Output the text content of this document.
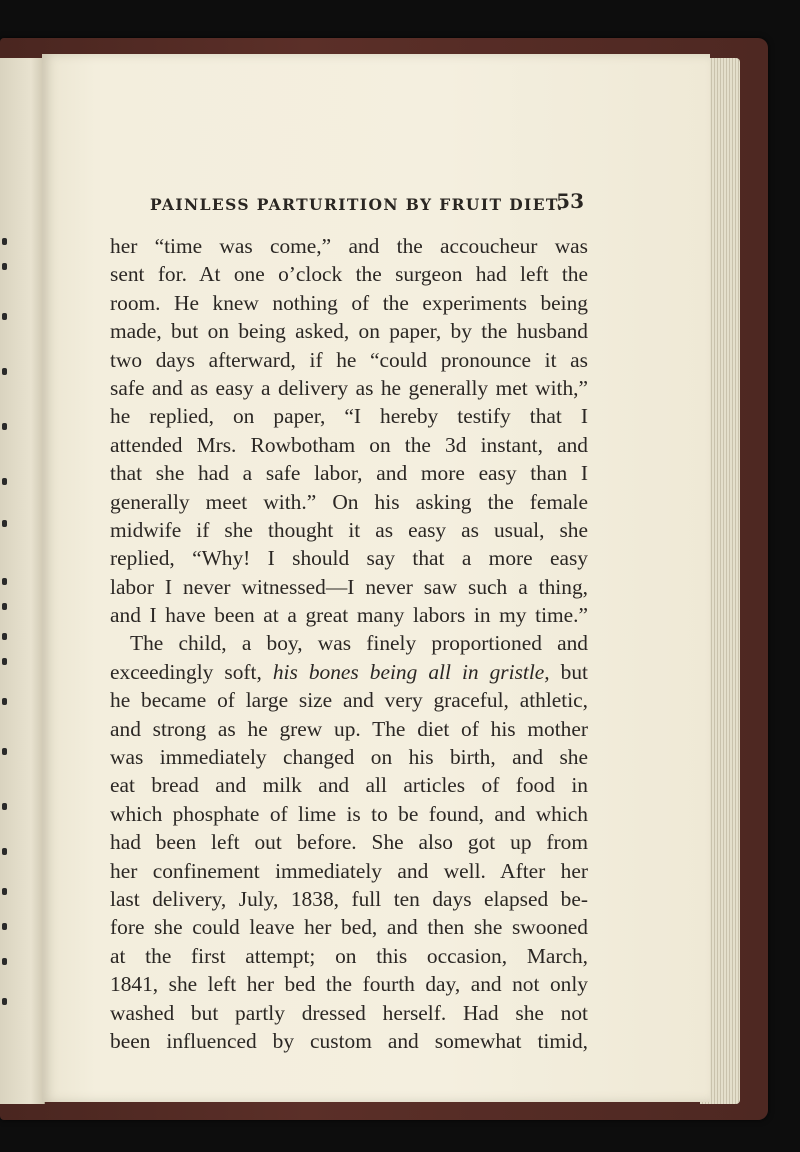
PAINLESS PARTURITION BY FRUIT DIET.
53
her “time was come,” and the accoucheur was
sent for. At one o’clock the surgeon had left the
room. He knew nothing of the experiments being
made, but on being asked, on paper, by the husband
two days afterward, if he “could pronounce it as
safe and as easy a delivery as he generally met with,”
he replied, on paper, “I hereby testify that I
attended Mrs. Rowbotham on the 3d instant, and
that she had a safe labor, and more easy than I
generally meet with.” On his asking the female
midwife if she thought it as easy as usual, she
replied, “Why! I should say that a more easy
labor I never witnessed—I never saw such a thing,
and I have been at a great many labors in my time.”
The child, a boy, was finely proportioned and
exceedingly soft, his bones being all in gristle, but
he became of large size and very graceful, athletic,
and strong as he grew up. The diet of his mother
was immediately changed on his birth, and she
eat bread and milk and all articles of food in
which phosphate of lime is to be found, and which
had been left out before. She also got up from
her confinement immediately and well. After her
last delivery, July, 1838, full ten days elapsed be-
fore she could leave her bed, and then she swooned
at the first attempt; on this occasion, March,
1841, she left her bed the fourth day, and not only
washed but partly dressed herself. Had she not
been influenced by custom and somewhat timid,
